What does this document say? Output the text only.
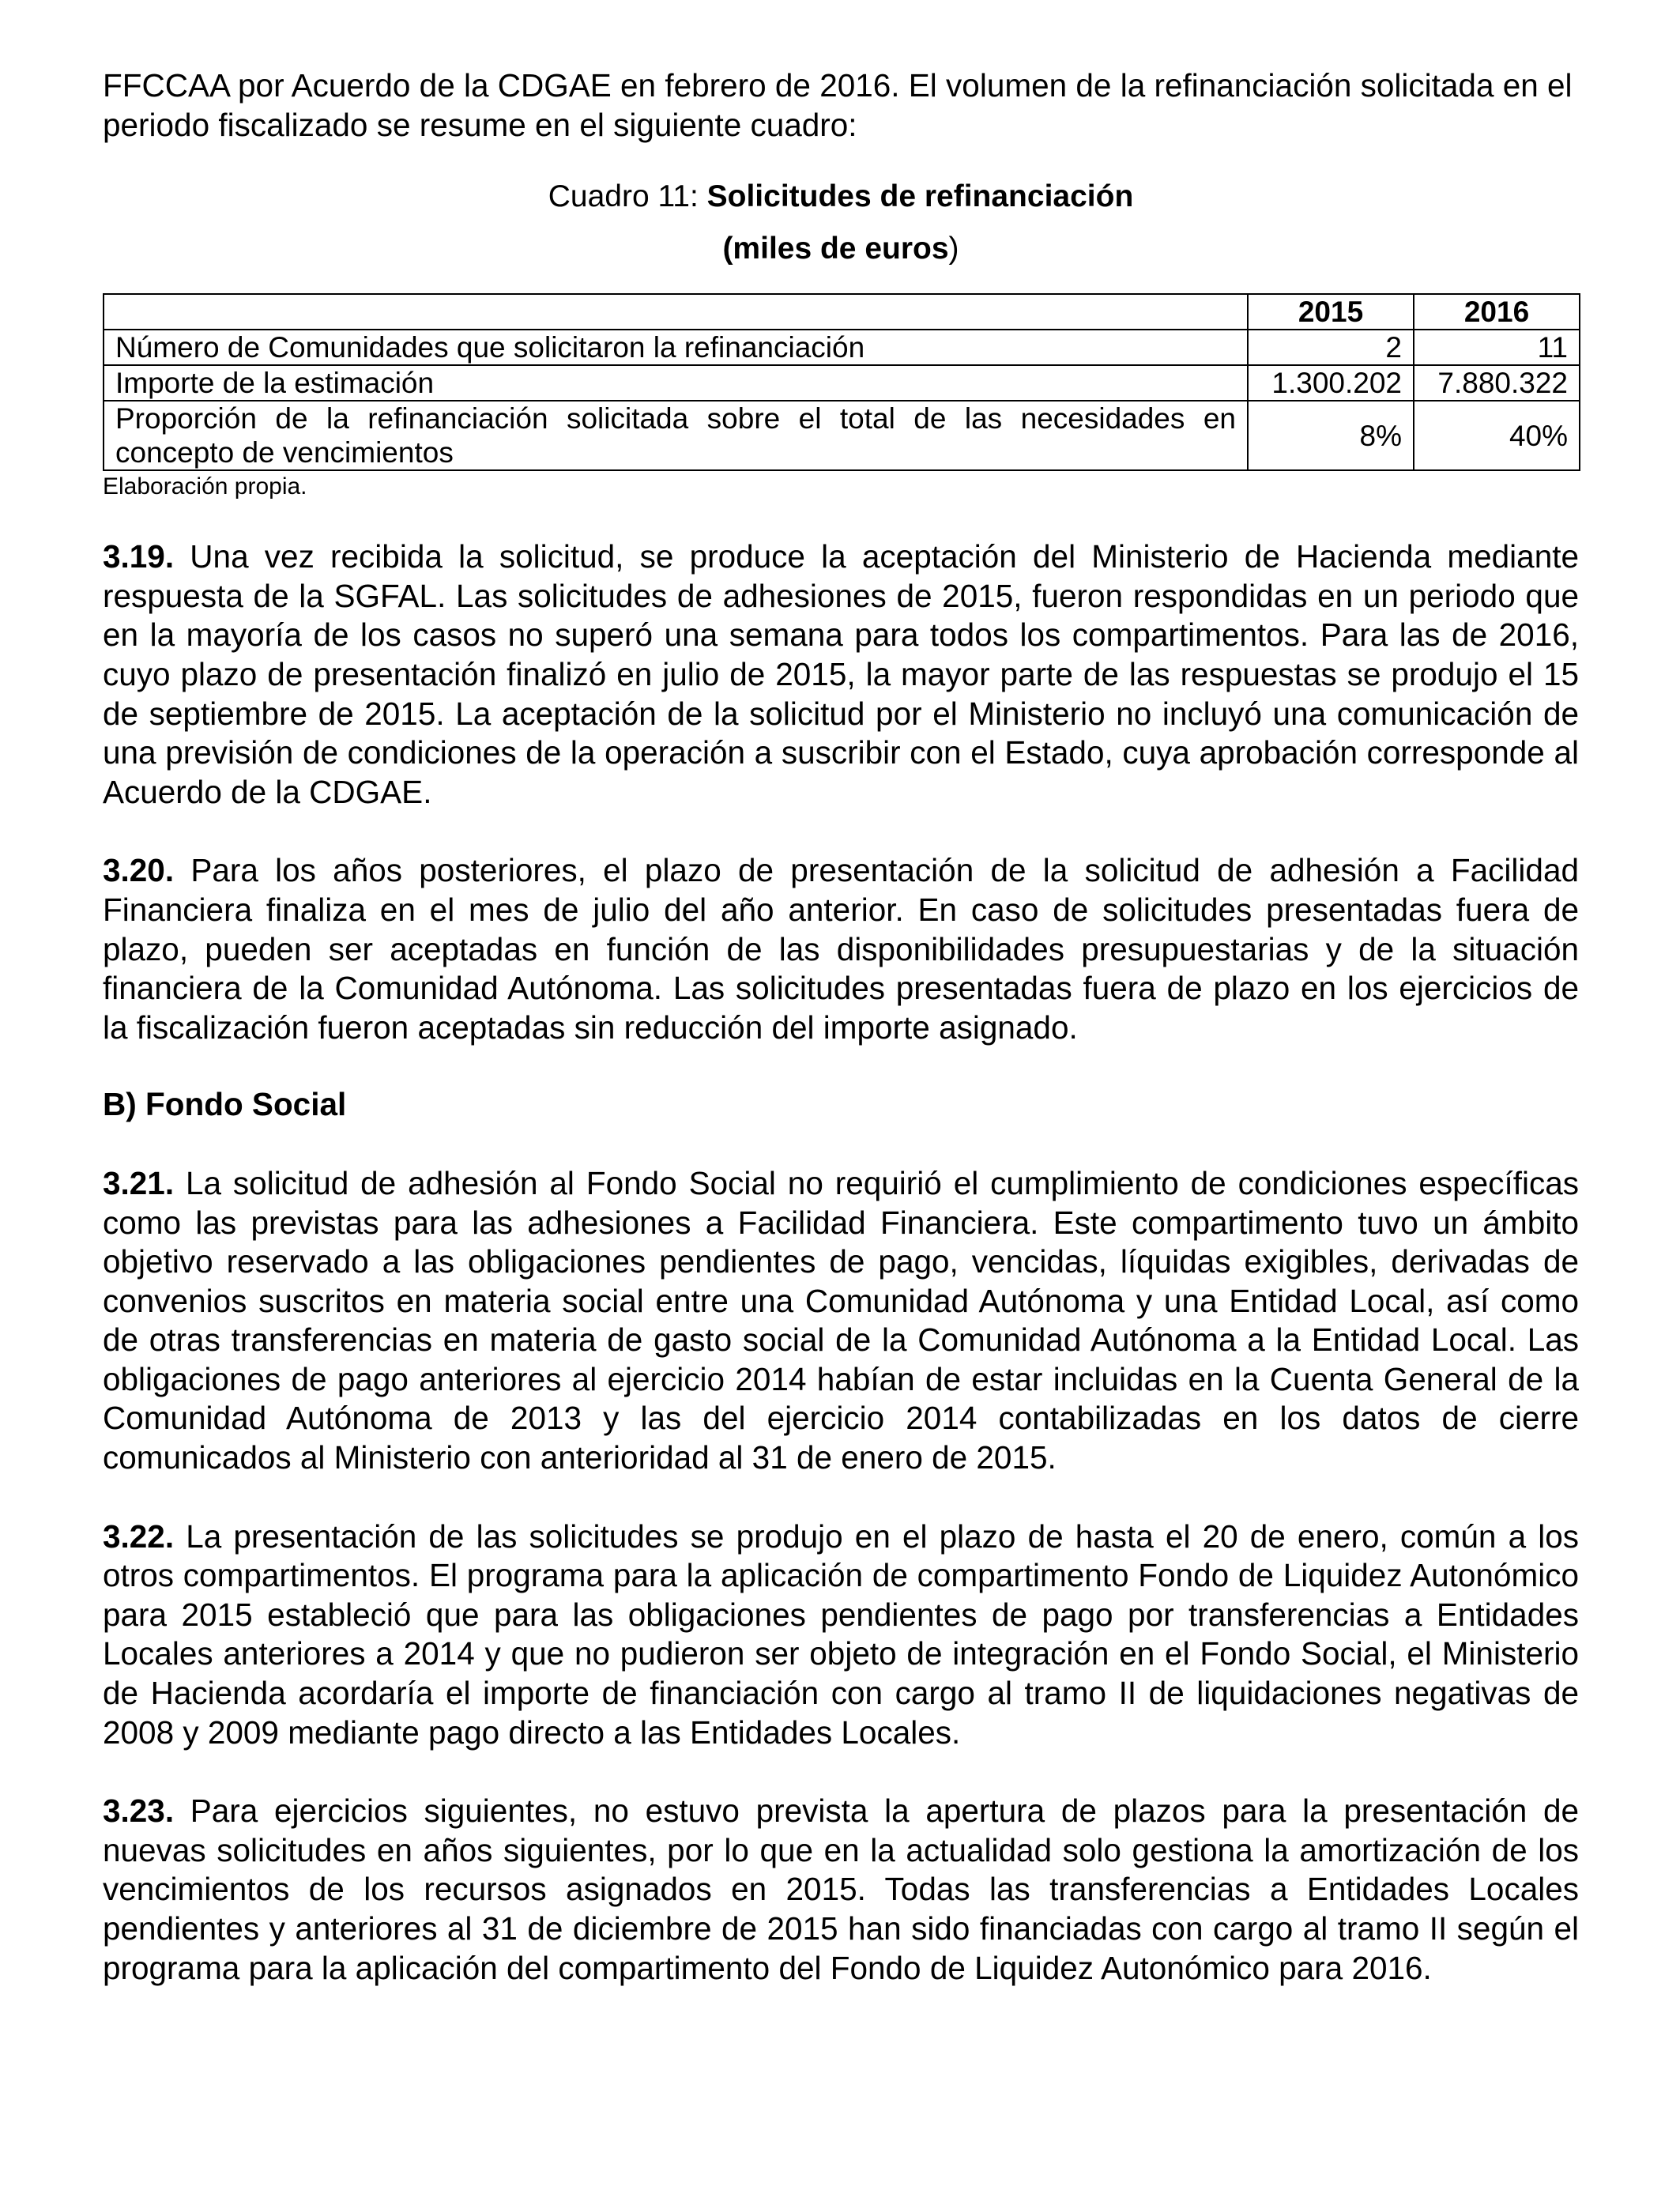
FFCCAA por Acuerdo de la CDGAE en febrero de 2016. El volumen de la refinanciación solicitada en el periodo fiscalizado se resume en el siguiente cuadro:

Cuadro 11: Solicitudes de refinanciación
(miles de euros)
	2015	2016
Número de Comunidades que solicitaron la refinanciación	2	11
Importe de la estimación	1.300.202	7.880.322
Proporción de la refinanciación solicitada sobre el total de las necesidades en concepto de vencimientos	8%	40%
Elaboración propia.

3.19. Una vez recibida la solicitud, se produce la aceptación del Ministerio de Hacienda mediante respuesta de la SGFAL. Las solicitudes de adhesiones de 2015, fueron respondidas en un periodo que en la mayoría de los casos no superó una semana para todos los compartimentos. Para las de 2016, cuyo plazo de presentación finalizó en julio de 2015, la mayor parte de las respuestas se produjo el 15 de septiembre de 2015. La aceptación de la solicitud por el Ministerio no incluyó una comunicación de una previsión de condiciones de la operación a suscribir con el Estado, cuya aprobación corresponde al Acuerdo de la CDGAE.

3.20. Para los años posteriores, el plazo de presentación de la solicitud de adhesión a Facilidad Financiera finaliza en el mes de julio del año anterior. En caso de solicitudes presentadas fuera de plazo, pueden ser aceptadas en función de las disponibilidades presupuestarias y de la situación financiera de la Comunidad Autónoma. Las solicitudes presentadas fuera de plazo en los ejercicios de la fiscalización fueron aceptadas sin reducción del importe asignado.

B) Fondo Social

3.21. La solicitud de adhesión al Fondo Social no requirió el cumplimiento de condiciones específicas como las previstas para las adhesiones a Facilidad Financiera. Este compartimento tuvo un ámbito objetivo reservado a las obligaciones pendientes de pago, vencidas, líquidas exigibles, derivadas de convenios suscritos en materia social entre una Comunidad Autónoma y una Entidad Local, así como de otras transferencias en materia de gasto social de la Comunidad Autónoma a la Entidad Local. Las obligaciones de pago anteriores al ejercicio 2014 habían de estar incluidas en la Cuenta General de la Comunidad Autónoma de 2013 y las del ejercicio 2014 contabilizadas en los datos de cierre comunicados al Ministerio con anterioridad al 31 de enero de 2015.

3.22. La presentación de las solicitudes se produjo en el plazo de hasta el 20 de enero, común a los otros compartimentos. El programa para la aplicación de compartimento Fondo de Liquidez Autonómico para 2015 estableció que para las obligaciones pendientes de pago por transferencias a Entidades Locales anteriores a 2014 y que no pudieron ser objeto de integración en el Fondo Social, el Ministerio de Hacienda acordaría el importe de financiación con cargo al tramo II de liquidaciones negativas de 2008 y 2009 mediante pago directo a las Entidades Locales.

3.23. Para ejercicios siguientes, no estuvo prevista la apertura de plazos para la presentación de nuevas solicitudes en años siguientes, por lo que en la actualidad solo gestiona la amortización de los vencimientos de los recursos asignados en 2015. Todas las transferencias a Entidades Locales pendientes y anteriores al 31 de diciembre de 2015 han sido financiadas con cargo al tramo II según el programa para la aplicación del compartimento del Fondo de Liquidez Autonómico para 2016.
